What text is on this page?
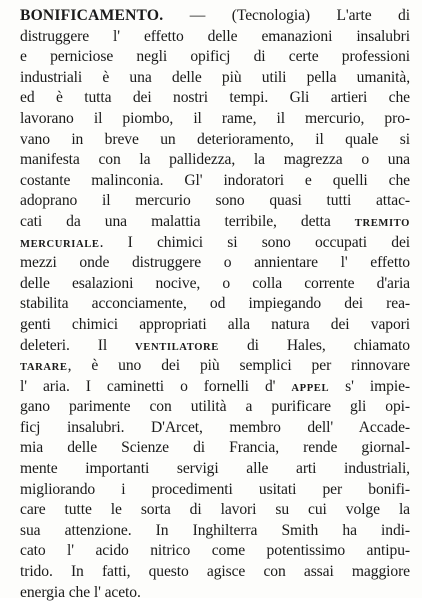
BONIFICAMENTO. — (Tecnologia) L'arte di
distruggere l' effetto delle emanazioni insalubri
e perniciose negli opificj di certe professioni
industriali è una delle più utili pella umanità,
ed è tutta dei nostri tempi. Gli artieri che
lavorano il piombo, il rame, il mercurio, pro-
vano in breve un deterioramento, il quale si
manifesta con la pallidezza, la magrezza o una
costante malinconia. Gl' indoratori e quelli che
adoprano il mercurio sono quasi tutti attac-
cati da una malattia terribile, detta TREMITO
MERCURIALE. I chimici si sono occupati dei
mezzi onde distruggere o annientare l' effetto
delle esalazioni nocive, o colla corrente d'aria
stabilita acconciamente, od impiegando dei rea-
genti chimici appropriati alla natura dei vapori
deleteri. Il VENTILATORE di Hales, chiamato
TARARE, è uno dei più semplici per rinnovare
l' aria. I caminetti o fornelli d' APPEL s' impie-
gano parimente con utilità a purificare gli opi-
ficj insalubri. D'Arcet, membro dell' Accade-
mia delle Scienze di Francia, rende giornal-
mente importanti servigi alle arti industriali,
migliorando i procedimenti usitati per bonifi-
care tutte le sorta di lavori su cui volge la
sua attenzione. In Inghilterra Smith ha indi-
cato l' acido nitrico come potentissimo antipu-
trido. In fatti, questo agisce con assai maggiore
energia che l' aceto.
